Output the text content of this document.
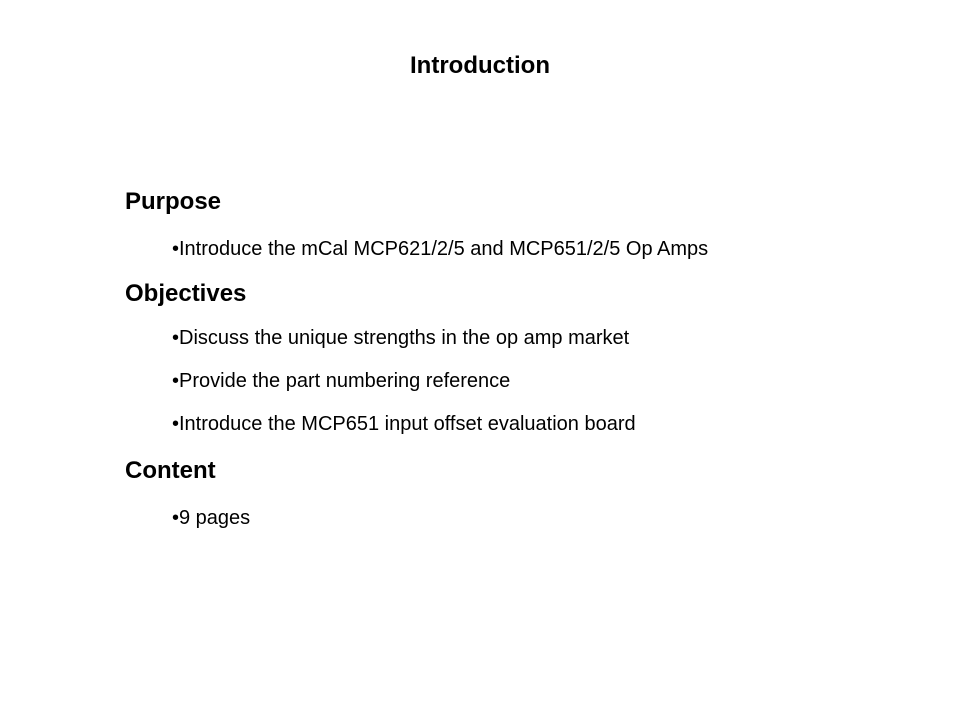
Introduction
Purpose
•Introduce the mCal MCP621/2/5 and MCP651/2/5 Op Amps
Objectives
•Discuss the unique strengths in the op amp market
•Provide the part numbering reference
•Introduce the MCP651 input offset evaluation board
Content
•9 pages
